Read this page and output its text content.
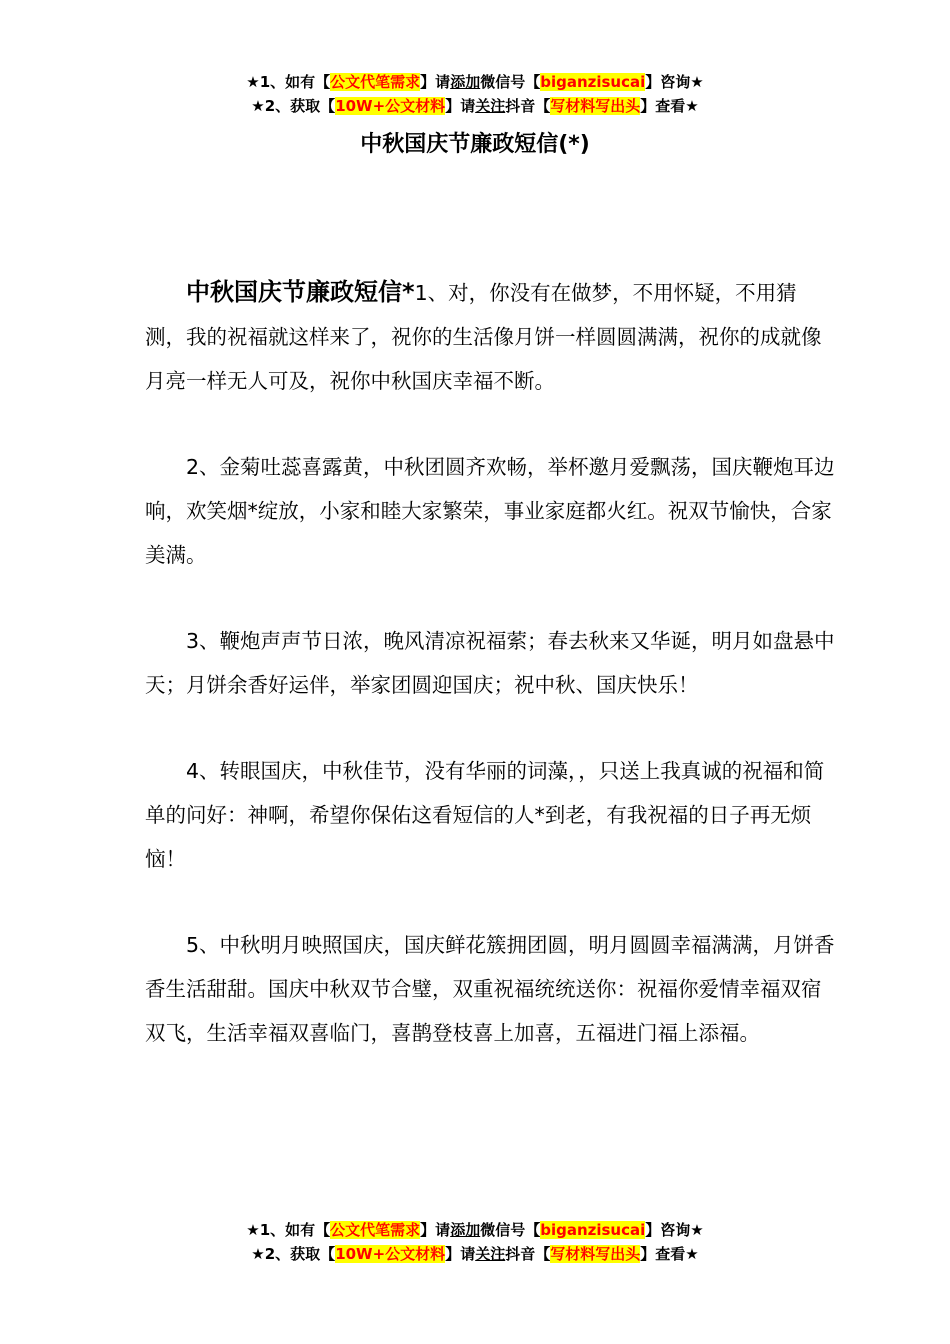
★1、如有【公文代笔需求】请添加微信号【biganzisucai】咨询★
★2、获取【10W+公文材料】请关注抖音【写材料写出头】查看★
中秋国庆节廉政短信(*)

中秋国庆节廉政短信*1、对，你没有在做梦，不用怀疑，不用猜测，我的祝福就这样来了，祝你的生活像月饼一样圆圆满满，祝你的成就像月亮一样无人可及，祝你中秋国庆幸福不断。

2、金菊吐蕊喜露黄，中秋团圆齐欢畅，举杯邀月爱飘荡，国庆鞭炮耳边响，欢笑烟*绽放，小家和睦大家繁荣，事业家庭都火红。祝双节愉快，合家美满。

3、鞭炮声声节日浓，晚风清凉祝福萦；春去秋来又华诞，明月如盘悬中天；月饼余香好运伴，举家团圆迎国庆；祝中秋、国庆快乐！

4、转眼国庆，中秋佳节，没有华丽的词藻，，只送上我真诚的祝福和简单的问好：神啊，希望你保佑这看短信的人*到老，有我祝福的日子再无烦恼！

5、中秋明月映照国庆，国庆鲜花簇拥团圆，明月圆圆幸福满满，月饼香香生活甜甜。国庆中秋双节合璧，双重祝福统统送你：祝福你爱情幸福双宿双飞，生活幸福双喜临门，喜鹊登枝喜上加喜，五福进门福上添福。

★1、如有【公文代笔需求】请添加微信号【biganzisucai】咨询★
★2、获取【10W+公文材料】请关注抖音【写材料写出头】查看★
